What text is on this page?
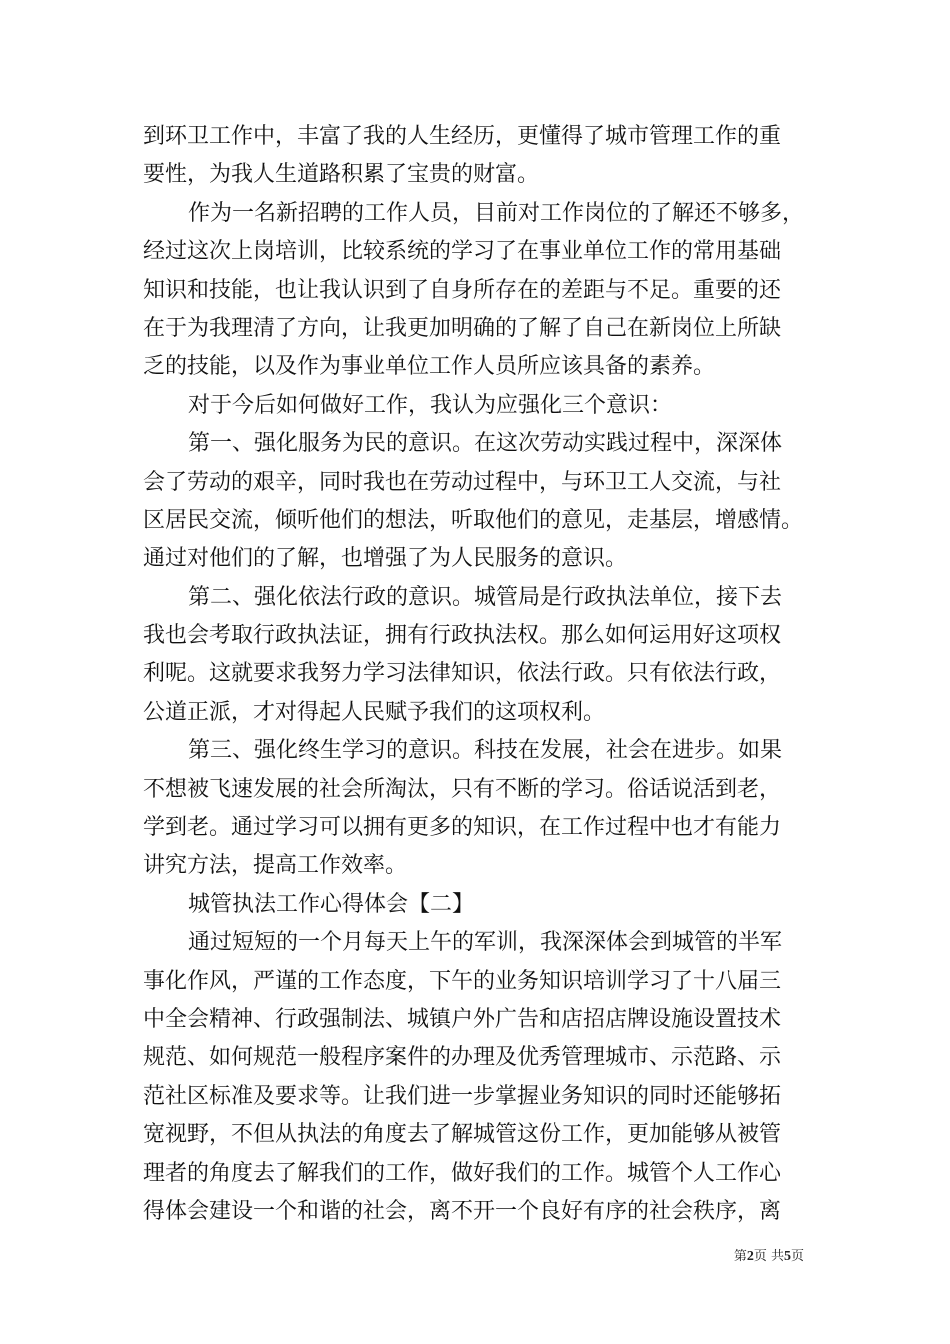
到环卫工作中，丰富了我的人生经历，更懂得了城市管理工作的重
要性，为我人生道路积累了宝贵的财富。
作为一名新招聘的工作人员，目前对工作岗位的了解还不够多，
经过这次上岗培训，比较系统的学习了在事业单位工作的常用基础
知识和技能，也让我认识到了自身所存在的差距与不足。重要的还
在于为我理清了方向，让我更加明确的了解了自己在新岗位上所缺
乏的技能，以及作为事业单位工作人员所应该具备的素养。
对于今后如何做好工作，我认为应强化三个意识：
第一、强化服务为民的意识。在这次劳动实践过程中，深深体
会了劳动的艰辛，同时我也在劳动过程中，与环卫工人交流，与社
区居民交流，倾听他们的想法，听取他们的意见，走基层，增感情。
通过对他们的了解，也增强了为人民服务的意识。
第二、强化依法行政的意识。城管局是行政执法单位，接下去
我也会考取行政执法证，拥有行政执法权。那么如何运用好这项权
利呢。这就要求我努力学习法律知识，依法行政。只有依法行政，
公道正派，才对得起人民赋予我们的这项权利。
第三、强化终生学习的意识。科技在发展，社会在进步。如果
不想被飞速发展的社会所淘汰，只有不断的学习。俗话说活到老，
学到老。通过学习可以拥有更多的知识，在工作过程中也才有能力
讲究方法，提高工作效率。
城管执法工作心得体会【二】
通过短短的一个月每天上午的军训，我深深体会到城管的半军
事化作风，严谨的工作态度，下午的业务知识培训学习了十八届三
中全会精神、行政强制法、城镇户外广告和店招店牌设施设置技术
规范、如何规范一般程序案件的办理及优秀管理城市、示范路、示
范社区标准及要求等。让我们进一步掌握业务知识的同时还能够拓
宽视野，不但从执法的角度去了解城管这份工作，更加能够从被管
理者的角度去了解我们的工作，做好我们的工作。城管个人工作心
得体会建设一个和谐的社会，离不开一个良好有序的社会秩序，离
第2页 共5页
